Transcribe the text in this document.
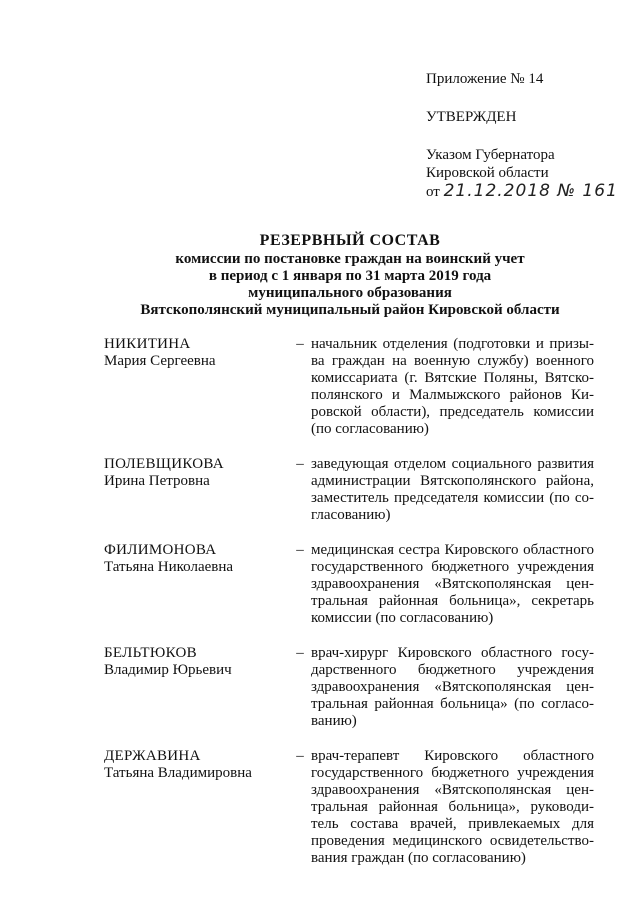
Приложение № 14
УТВЕРЖДЕН
Указом Губернатора
Кировской области
от 21.12.2018 № 161
РЕЗЕРВНЫЙ СОСТАВ
комиссии по постановке граждан на воинский учет
в период с 1 января по 31 марта 2019 года
муниципального образования
Вятскополянский муниципальный район Кировской области
НИКИТИНА
Мария Сергеевна
– начальник отделения (подготовки и призы-
ва граждан на военную службу) военного
комиссариата (г. Вятские Поляны, Вятско-
полянского и Малмыжского районов Ки-
ровской области), председатель комиссии
(по согласованию)
ПОЛЕВЩИКОВА
Ирина Петровна
– заведующая отделом социального развития
администрации Вятскополянского района,
заместитель председателя комиссии (по со-
гласованию)
ФИЛИМОНОВА
Татьяна Николаевна
– медицинская сестра Кировского областного
государственного бюджетного учреждения
здравоохранения «Вятскополянская цен-
тральная районная больница», секретарь
комиссии (по согласованию)
БЕЛЬТЮКОВ
Владимир Юрьевич
– врач-хирург Кировского областного госу-
дарственного бюджетного учреждения
здравоохранения «Вятскополянская цен-
тральная районная больница» (по согласо-
ванию)
ДЕРЖАВИНА
Татьяна Владимировна
– врач-терапевт Кировского областного
государственного бюджетного учреждения
здравоохранения «Вятскополянская цен-
тральная районная больница», руководи-
тель состава врачей, привлекаемых для
проведения медицинского освидетельство-
вания граждан (по согласованию)
